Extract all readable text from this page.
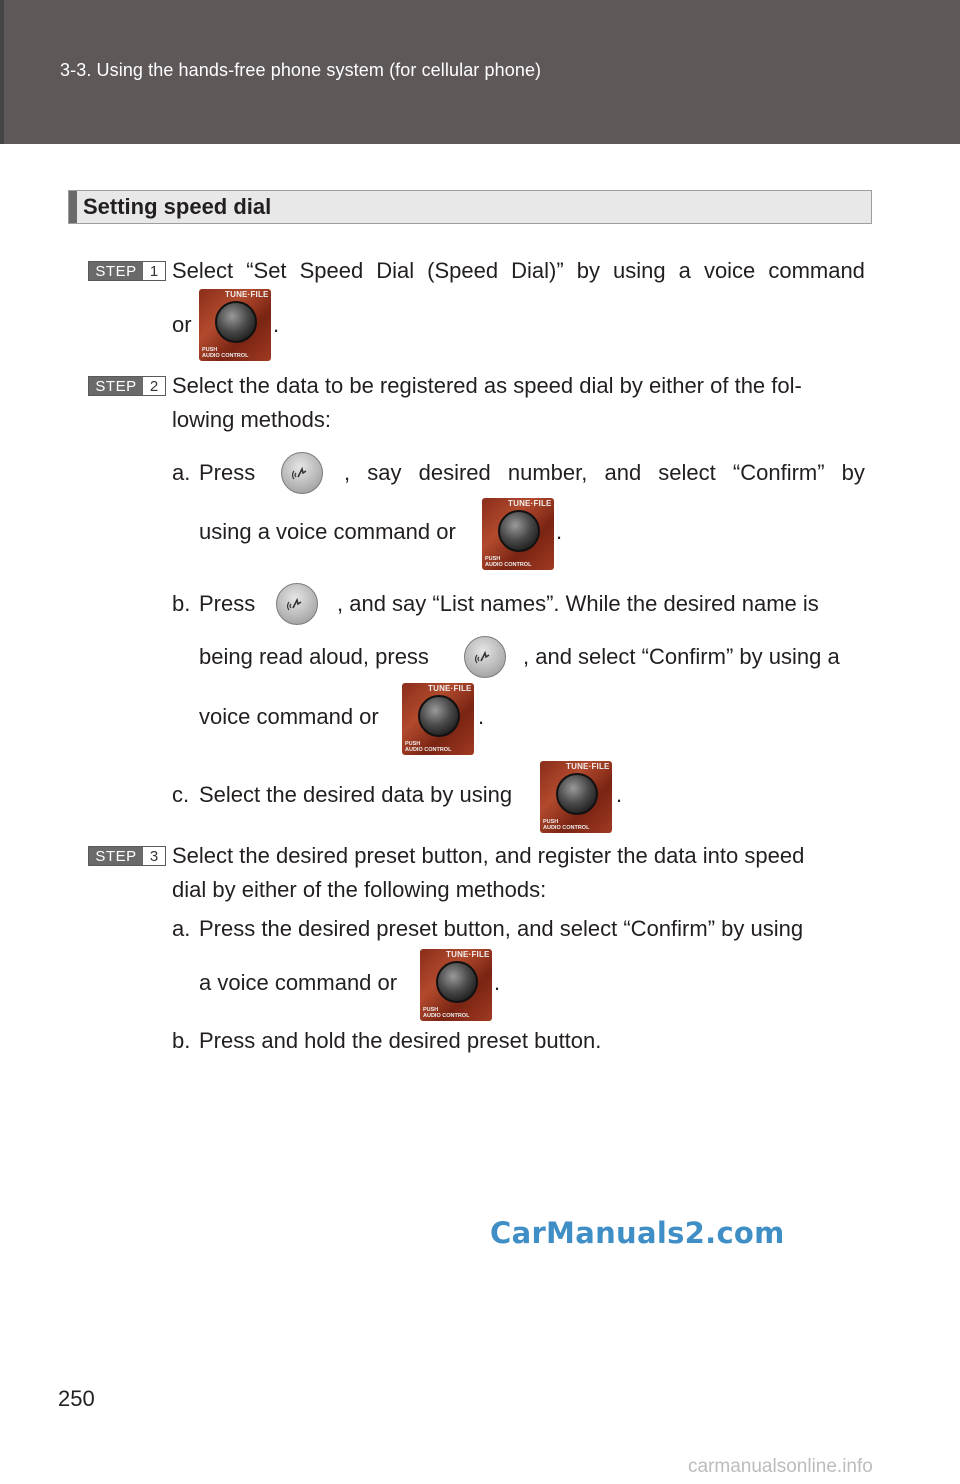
3-3. Using the hands-free phone system (for cellular phone)
Setting speed dial
STEP 1 Select “Set Speed Dial (Speed Dial)” by using a voice command
or
TUNE·FILE
PUSH
AUDIO CONTROL
.
STEP 2 Select the data to be registered as speed dial by either of the fol-
lowing methods:
a. Press	, say desired number, and select “Confirm” by
using a voice command or
TUNE·FILE
PUSH
AUDIO CONTROL
.
b. Press	, and say “List names”. While the desired name is
being read aloud, press	, and select “Confirm” by using a
voice command or
TUNE·FILE
PUSH
AUDIO CONTROL
.
c. Select the desired data by using
TUNE·FILE
PUSH
AUDIO CONTROL
.
STEP 3 Select the desired preset button, and register the data into speed
dial by either of the following methods:
a. Press the desired preset button, and select “Confirm” by using
a voice command or
TUNE·FILE
PUSH
AUDIO CONTROL
.
b. Press and hold the desired preset button.
CarManuals2.com
250
carmanualsonline.info
